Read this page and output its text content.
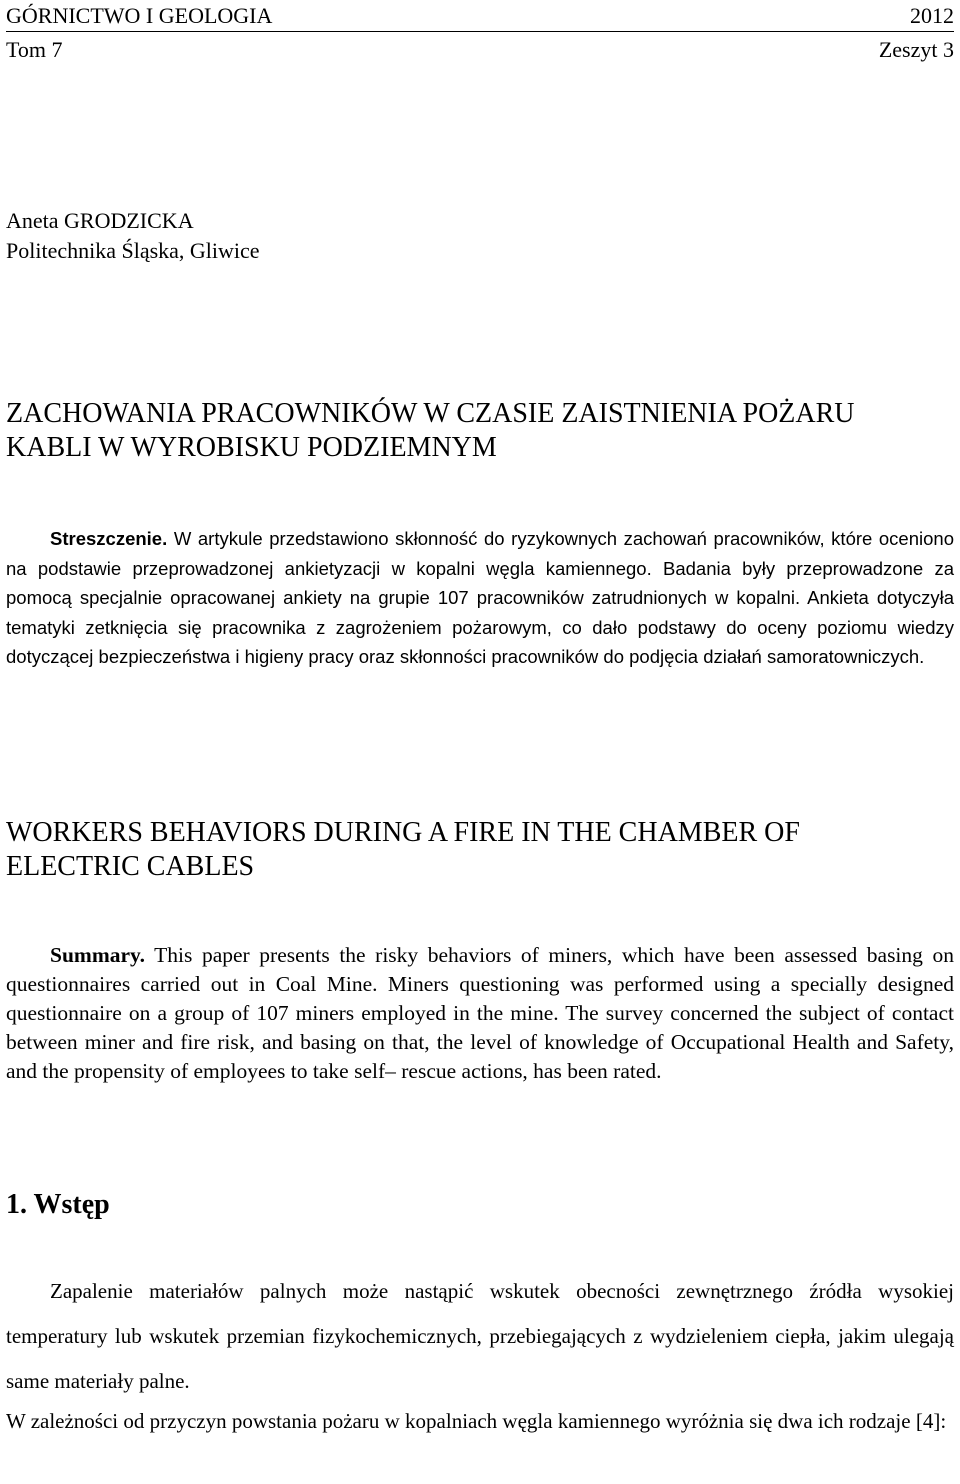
GÓRNICTWO I GEOLOGIA	2012
Tom 7	Zeszyt 3
Aneta GRODZICKA
Politechnika Śląska, Gliwice
ZACHOWANIA PRACOWNIKÓW W CZASIE ZAISTNIENIA POŻARU
KABLI W WYROBISKU PODZIEMNYM
Streszczenie. W artykule przedstawiono skłonność do ryzykownych zachowań pracowników, które oceniono na podstawie przeprowadzonej ankietyzacji w kopalni węgla kamiennego. Badania były przeprowadzone za pomocą specjalnie opracowanej ankiety na grupie 107 pracowników zatrudnionych w kopalni. Ankieta dotyczyła tematyki zetknięcia się pracownika z zagrożeniem pożarowym, co dało podstawy do oceny poziomu wiedzy dotyczącej bezpieczeństwa i higieny pracy oraz skłonności pracowników do podjęcia działań samoratowniczych.
WORKERS BEHAVIORS DURING A FIRE IN THE CHAMBER OF
ELECTRIC CABLES
Summary. This paper presents the risky behaviors of miners, which have been assessed basing on questionnaires carried out in Coal Mine. Miners questioning was performed using a specially designed questionnaire on a group of 107 miners employed in the mine. The survey concerned the subject of contact between miner and fire risk, and basing on that, the level of knowledge of Occupational Health and Safety, and the propensity of employees to take self– rescue actions, has been rated.
1. Wstęp
Zapalenie materiałów palnych może nastąpić wskutek obecności zewnętrznego źródła wysokiej temperatury lub wskutek przemian fizykochemicznych, przebiegających z wydzieleniem ciepła, jakim ulegają same materiały palne.
W zależności od przyczyn powstania pożaru w kopalniach węgla kamiennego wyróżnia się dwa ich rodzaje [4]:
